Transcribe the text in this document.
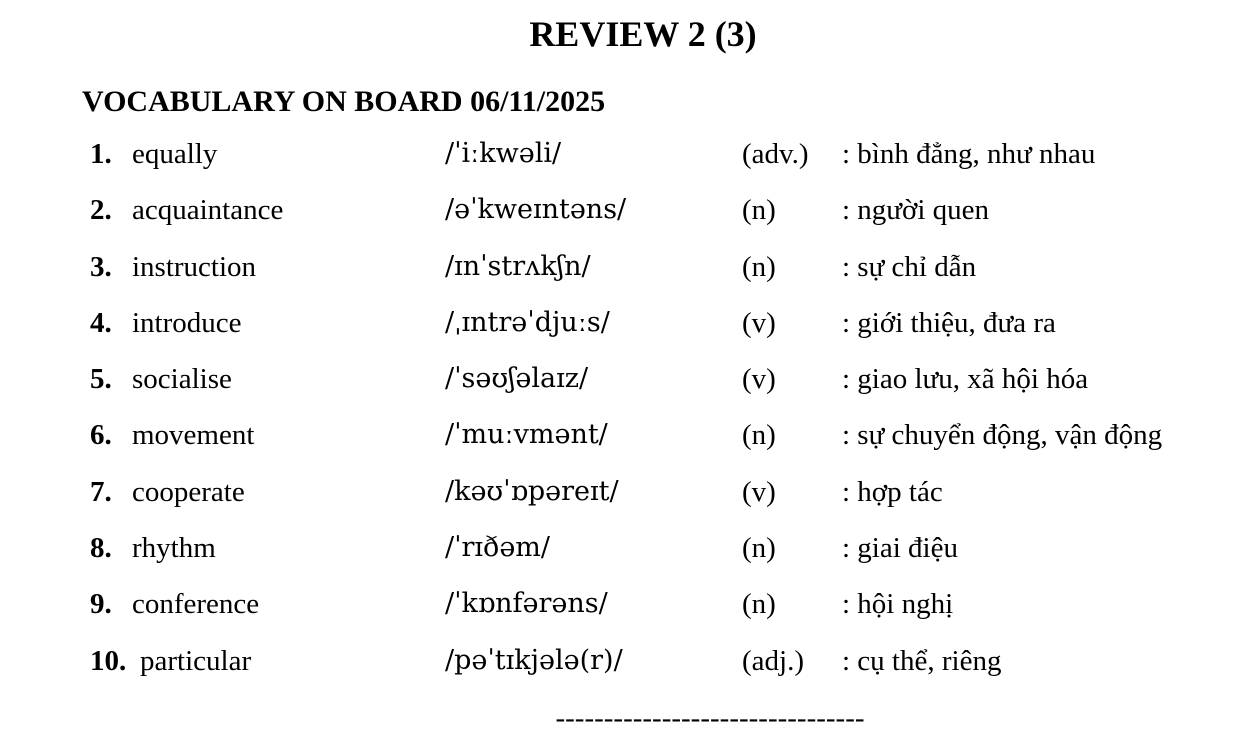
REVIEW 2 (3)
VOCABULARY ON BOARD 06/11/2025
1. equally	/ˈiːkwəli/	(adv.) : bình đẳng, như nhau
2. acquaintance	/əˈkweɪntəns/	(n) : người quen
3. instruction	/ɪnˈstrʌkʃn/	(n) : sự chỉ dẫn
4. introduce	/ˌɪntrəˈdjuːs/	(v) : giới thiệu, đưa ra
5. socialise	/ˈsəʊʃəlaɪz/	(v) : giao lưu, xã hội hóa
6. movement	/ˈmuːvmənt/	(n) : sự chuyển động, vận động
7. cooperate	/kəʊˈɒpəreɪt/	(v) : hợp tác
8. rhythm	/ˈrɪðəm/	(n) : giai điệu
9. conference	/ˈkɒnfərəns/	(n) : hội nghị
10. particular	/pəˈtɪkjələ(r)/	(adj.) : cụ thể, riêng
--------------------------------
